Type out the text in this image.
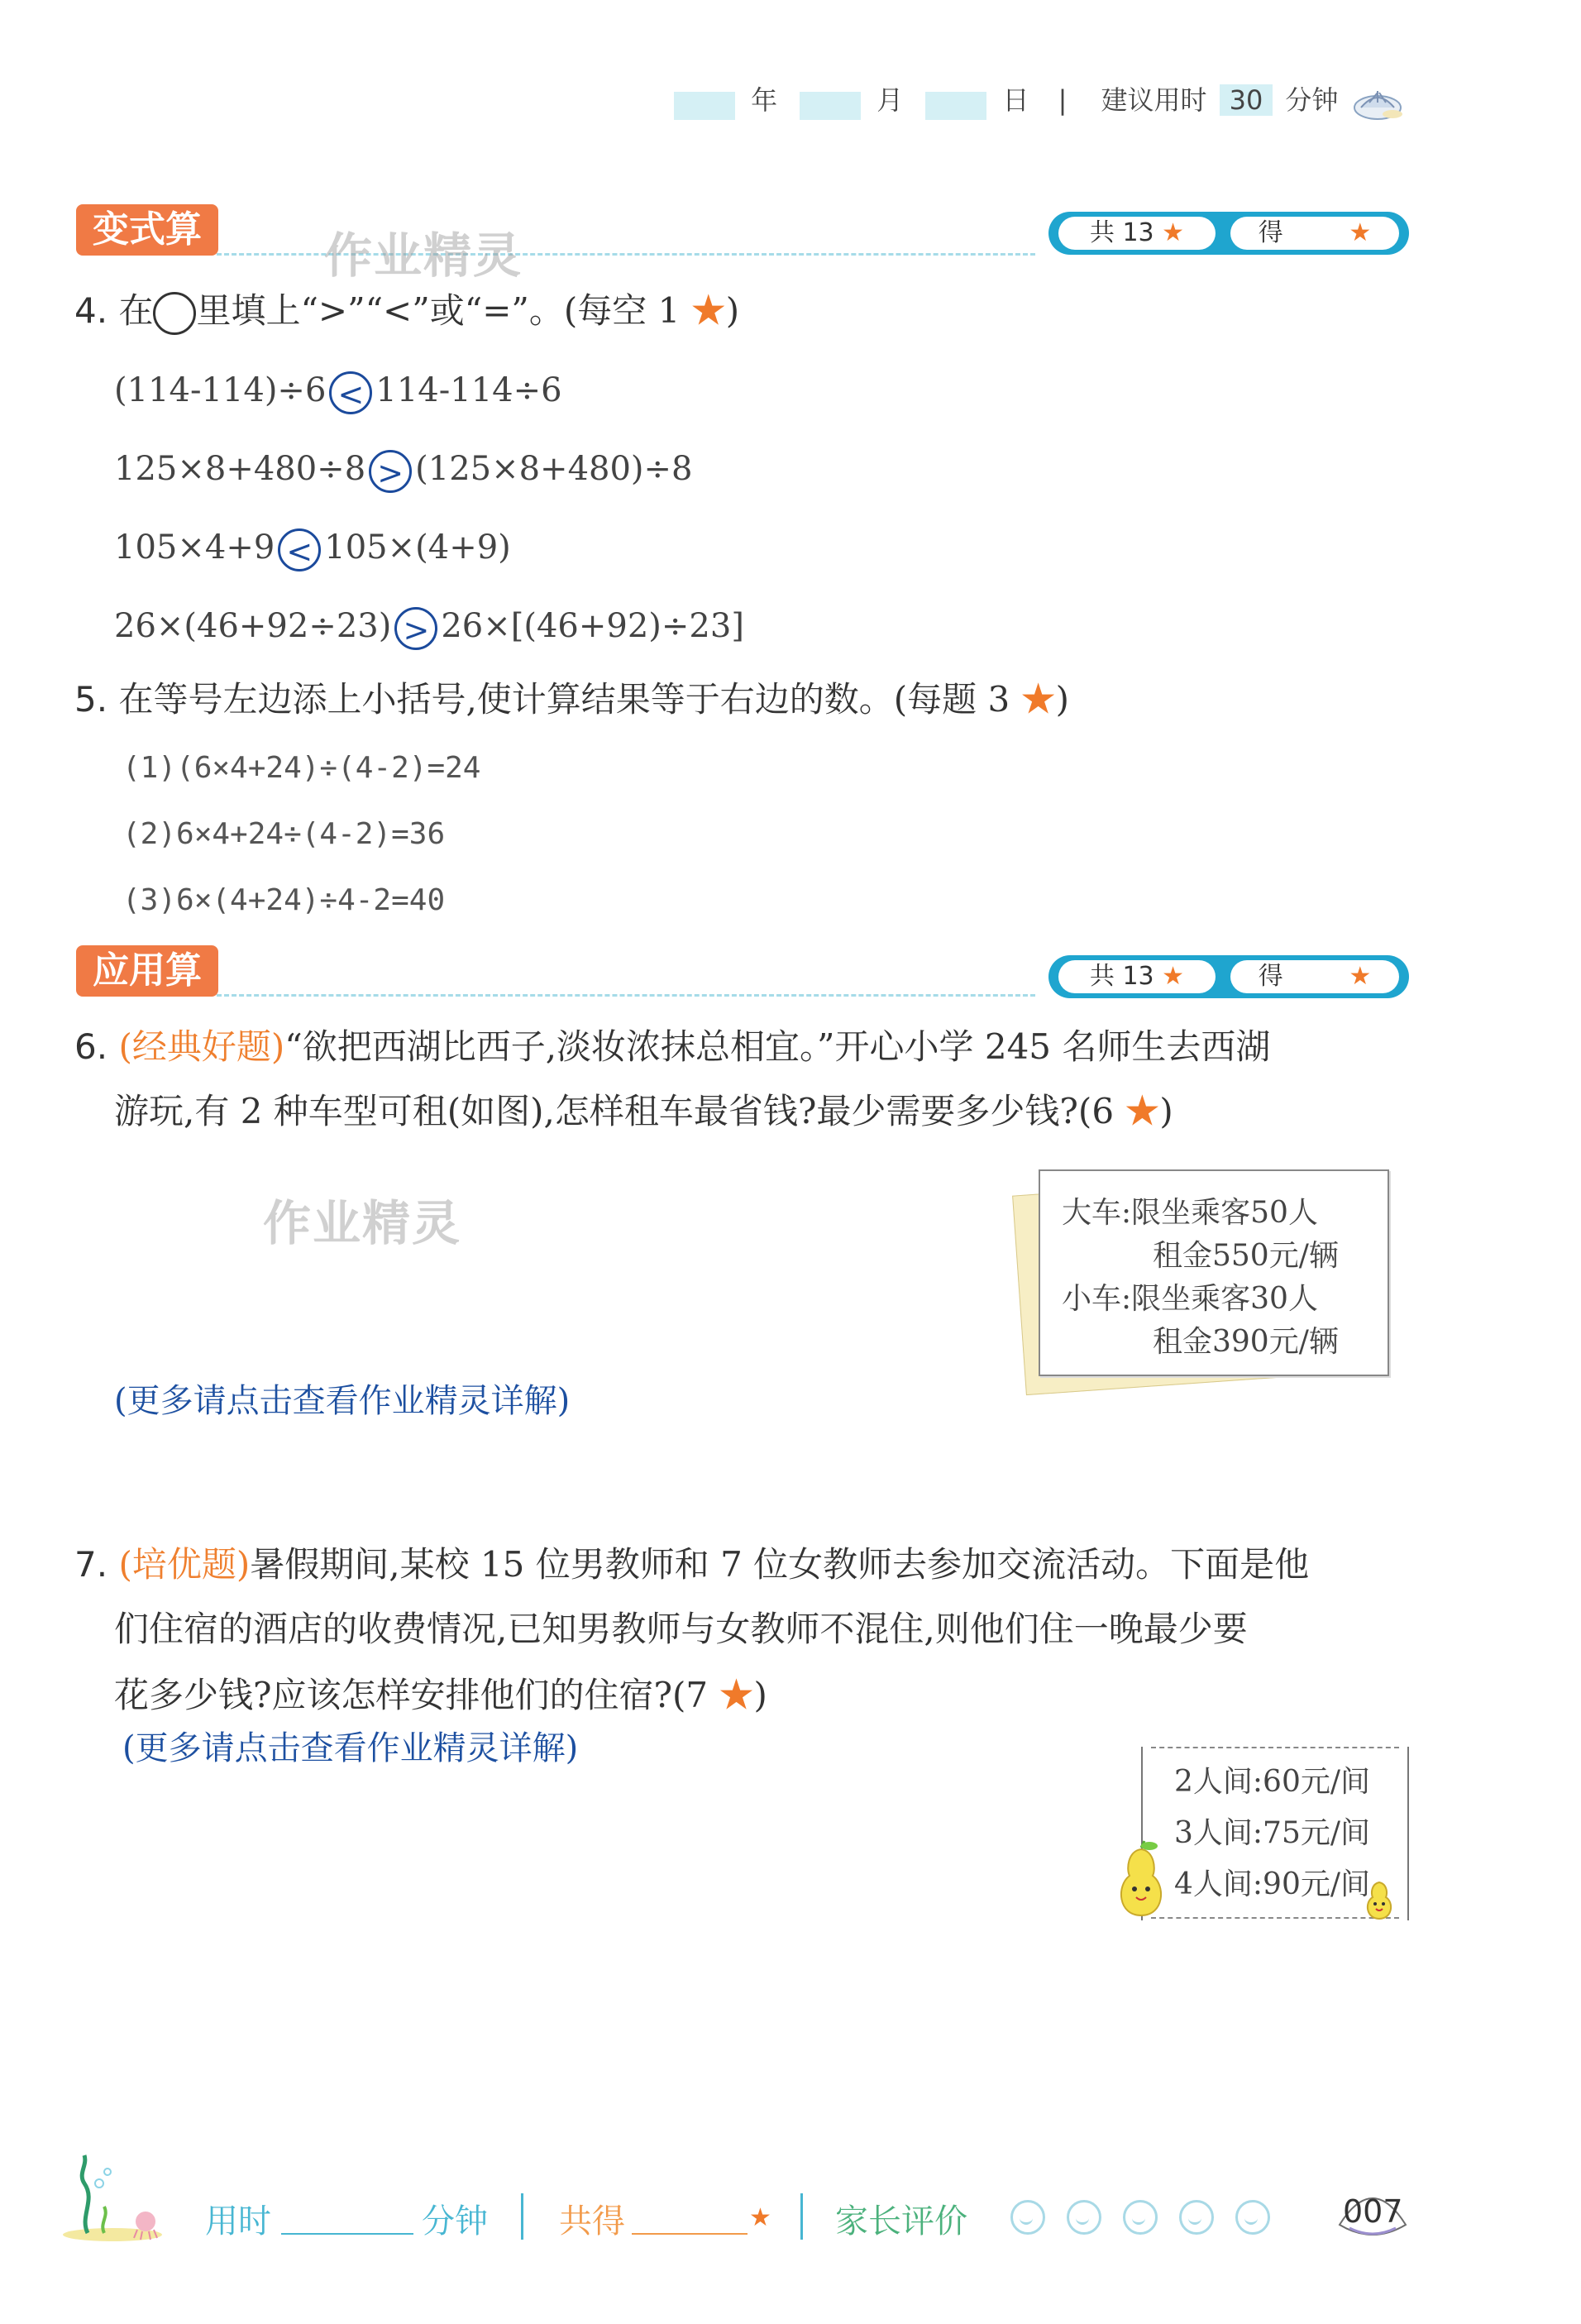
年	月	日 | 建议用时 30 分钟
变式算	作业精灵	共 13 ★	得	★
4. 在 里填上“>”“<”或“=”。(每空 1 ★)
(114-114)÷6 < 114-114÷6
125×8+480÷8 > (125×8+480)÷8
105×4+9 < 105×(4+9)
26×(46+92÷23) > 26×[(46+92)÷23]
5. 在等号左边添上小括号,使计算结果等于右边的数。(每题 3 ★)
(1)(6×4+24)÷(4-2)=24
(2)6×4+24÷(4-2)=36
(3)6×(4+24)÷4-2=40
应用算	共 13 ★	得	★
6. (经典好题)“欲把西湖比西子,淡妆浓抹总相宜。”开心小学 245 名师生去西湖
游玩,有 2 种车型可租(如图),怎样租车最省钱?最少需要多少钱?(6 ★)
作业精灵	大车:限坐乘客50人
租金550元/辆
小车:限坐乘客30人
租金390元/辆
(更多请点击查看作业精灵详解)
7. (培优题)暑假期间,某校 15 位男教师和 7 位女教师去参加交流活动。下面是他
们住宿的酒店的收费情况,已知男教师与女教师不混住,则他们住一晚最少要
花多少钱?应该怎样安排他们的住宿?(7 ★)
(更多请点击查看作业精灵详解)
2人间:60元/间
3人间:75元/间
4人间:90元/间
用时	分钟 共得	★ 家长评价	007
